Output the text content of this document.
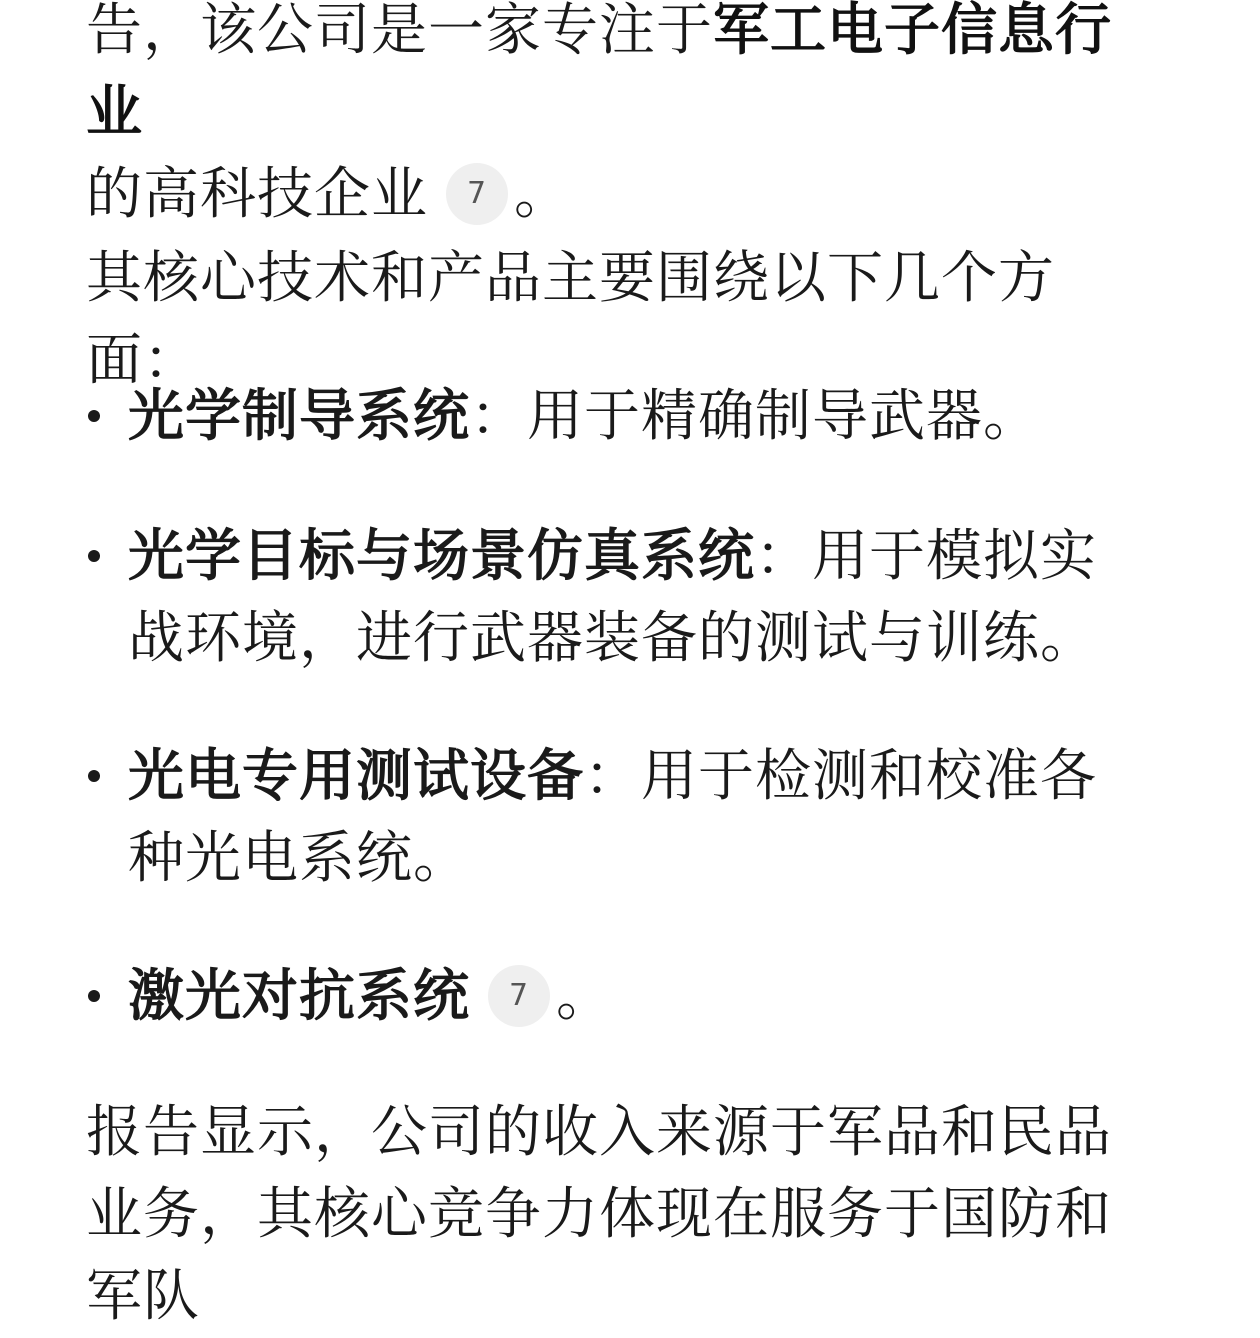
告，该公司是一家专注于军工电子信息行业
的高科技企业 7 。

其核心技术和产品主要围绕以下几个方面：

光学制导系统：用于精确制导武器。
光学目标与场景仿真系统：用于模拟实战环境，进行武器装备的测试与训练。
光电专用测试设备：用于检测和校准各种光电系统。
激光对抗系统 7 。

报告显示，公司的收入来源于军品和民品业务，其核心竞争力体现在服务于国防和军队
